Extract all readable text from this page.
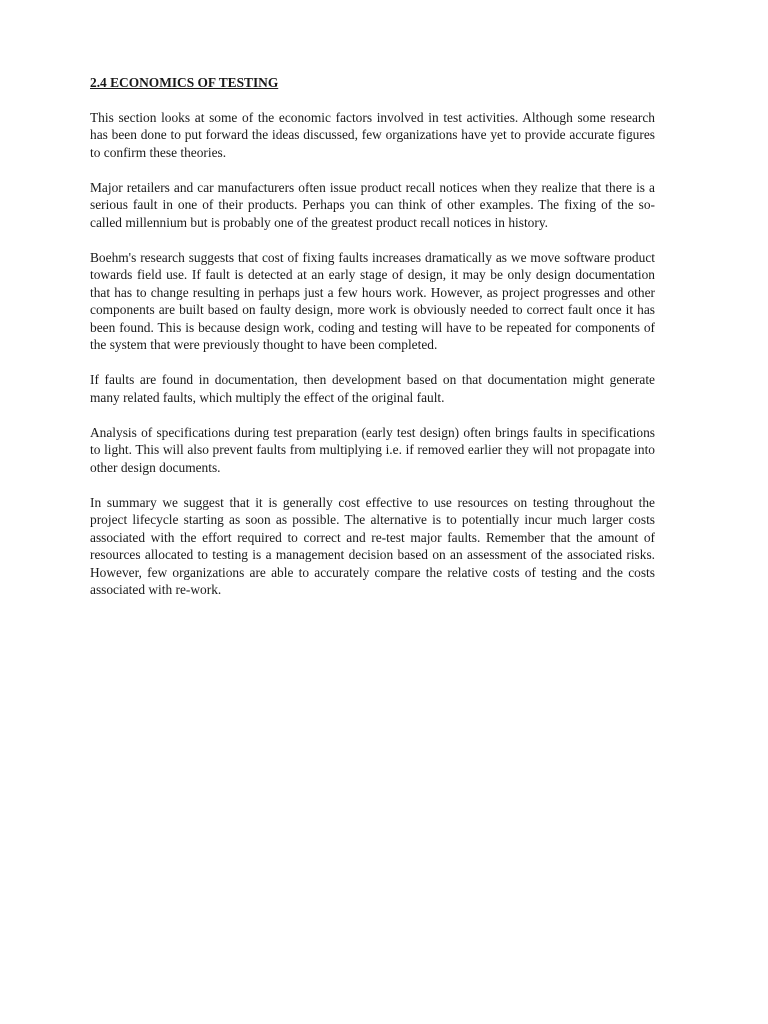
2.4 ECONOMICS OF TESTING

This section looks at some of the economic factors involved in test activities. Although some research has been done to put forward the ideas discussed, few organizations have yet to provide accurate figures to confirm these theories.

Major retailers and car manufacturers often issue product recall notices when they realize that there is a serious fault in one of their products. Perhaps you can think of other examples. The fixing of the so-called millennium but is probably one of the greatest product recall notices in history.

Boehm's research suggests that cost of fixing faults increases dramatically as we move software product towards field use. If fault is detected at an early stage of design, it may be only design documentation that has to change resulting in perhaps just a few hours work. However, as project progresses and other components are built based on faulty design, more work is obviously needed to correct fault once it has been found. This is because design work, coding and testing will have to be repeated for components of the system that were previously thought to have been completed.

If faults are found in documentation, then development based on that documentation might generate many related faults, which multiply the effect of the original fault.

Analysis of specifications during test preparation (early test design) often brings faults in specifications to light. This will also prevent faults from multiplying i.e. if removed earlier they will not propagate into other design documents.

In summary we suggest that it is generally cost effective to use resources on testing throughout the project lifecycle starting as soon as possible. The alternative is to potentially incur much larger costs associated with the effort required to correct and re-test major faults. Remember that the amount of resources allocated to testing is a management decision based on an assessment of the associated risks. However, few organizations are able to accurately compare the relative costs of testing and the costs associated with re-work.
